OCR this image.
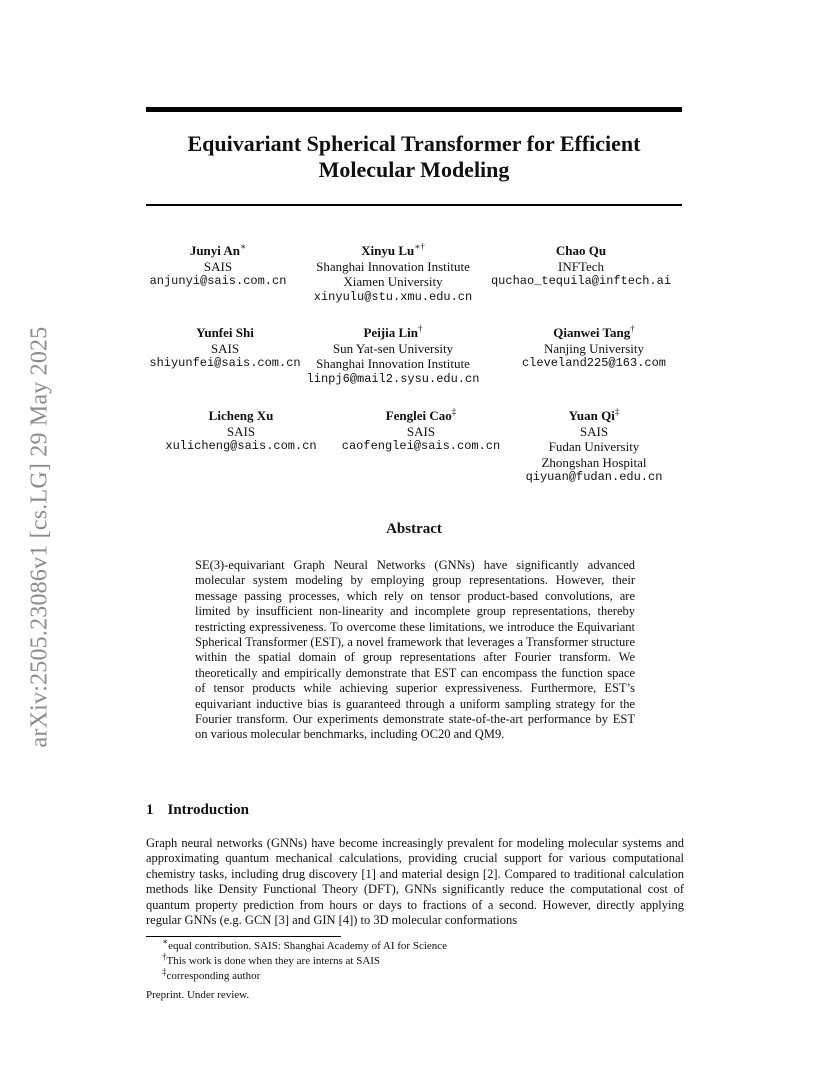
arXiv:2505.23086v1 [cs.LG] 29 May 2025
Equivariant Spherical Transformer for Efficient
Molecular Modeling
Junyi An∗
SAIS
anjunyi@sais.com.cn
Xinyu Lu∗†
Shanghai Innovation Institute
Xiamen University
xinyulu@stu.xmu.edu.cn
Chao Qu
INFTech
quchao_tequila@inftech.ai
Yunfei Shi
SAIS
shiyunfei@sais.com.cn
Peijia Lin†
Sun Yat-sen University
Shanghai Innovation Institute
linpj6@mail2.sysu.edu.cn
Qianwei Tang†
Nanjing University
cleveland225@163.com
Licheng Xu
SAIS
xulicheng@sais.com.cn
Fenglei Cao‡
SAIS
caofenglei@sais.com.cn
Yuan Qi‡
SAIS
Fudan University
Zhongshan Hospital
qiyuan@fudan.edu.cn
Abstract

SE(3)-equivariant Graph Neural Networks (GNNs) have significantly advanced molecular system modeling by employing group representations. However, their message passing processes, which rely on tensor product-based convolutions, are limited by insufficient non-linearity and incomplete group representations, thereby restricting expressiveness. To overcome these limitations, we introduce the Equivariant Spherical Transformer (EST), a novel framework that leverages a Transformer structure within the spatial domain of group representations after Fourier transform. We theoretically and empirically demonstrate that EST can encompass the function space of tensor products while achieving superior expressiveness. Furthermore, EST’s equivariant inductive bias is guaranteed through a uniform sampling strategy for the Fourier transform. Our experiments demonstrate state-of-the-art performance by EST on various molecular benchmarks, including OC20 and QM9.

1 Introduction

Graph neural networks (GNNs) have become increasingly prevalent for modeling molecular systems and approximating quantum mechanical calculations, providing crucial support for various computational chemistry tasks, including drug discovery [1] and material design [2]. Compared to traditional calculation methods like Density Functional Theory (DFT), GNNs significantly reduce the computational cost of quantum property prediction from hours or days to fractions of a second. However, directly applying regular GNNs (e.g. GCN [3] and GIN [4]) to 3D molecular conformations

∗equal contribution. SAIS: Shanghai Academy of AI for Science
†This work is done when they are interns at SAIS
‡corresponding author

Preprint. Under review.
